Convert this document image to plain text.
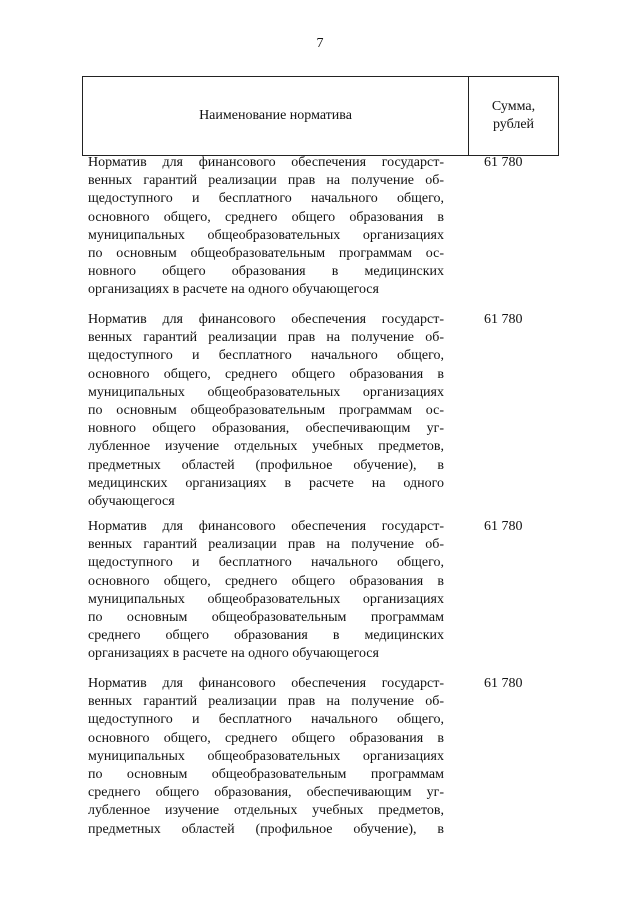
7
Наименование норматива
Сумма,
рублей
Норматив для финансового обеспечения государст-
венных гарантий реализации прав на получение об-
щедоступного и бесплатного начального общего,
основного общего, среднего общего образования в
муниципальных общеобразовательных организациях
по основным общеобразовательным программам ос-
новного общего образования в медицинских
организациях в расчете на одного обучающегося
61 780
Норматив для финансового обеспечения государст-
венных гарантий реализации прав на получение об-
щедоступного и бесплатного начального общего,
основного общего, среднего общего образования в
муниципальных общеобразовательных организациях
по основным общеобразовательным программам ос-
новного общего образования, обеспечивающим уг-
лубленное изучение отдельных учебных предметов,
предметных областей (профильное обучение), в
медицинских организациях в расчете на одного
обучающегося
61 780
Норматив для финансового обеспечения государст-
венных гарантий реализации прав на получение об-
щедоступного и бесплатного начального общего,
основного общего, среднего общего образования в
муниципальных общеобразовательных организациях
по основным общеобразовательным программам
среднего общего образования в медицинских
организациях в расчете на одного обучающегося
61 780
Норматив для финансового обеспечения государст-
венных гарантий реализации прав на получение об-
щедоступного и бесплатного начального общего,
основного общего, среднего общего образования в
муниципальных общеобразовательных организациях
по основным общеобразовательным программам
среднего общего образования, обеспечивающим уг-
лубленное изучение отдельных учебных предметов,
предметных областей (профильное обучение), в
61 780
